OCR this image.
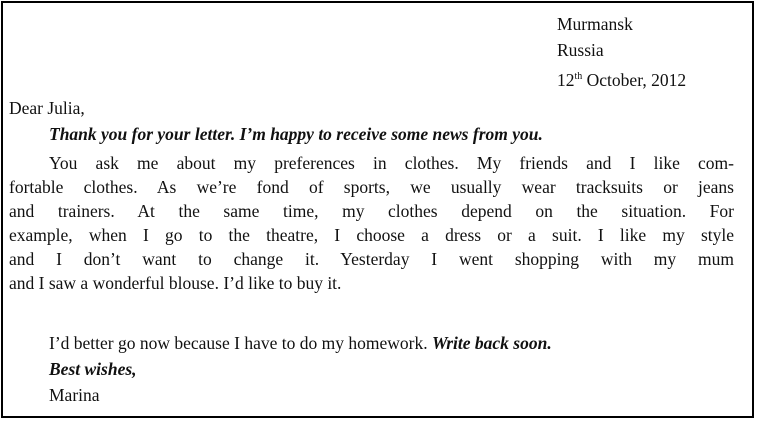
Murmansk
Russia
12th October, 2012
Dear Julia,
Thank you for your letter. I’m happy to receive some news from you.
You ask me about my preferences in clothes. My friends and I like com-
fortable clothes. As we’re fond of sports, we usually wear tracksuits or jeans
and trainers. At the same time, my clothes depend on the situation. For
example, when I go to the theatre, I choose a dress or a suit. I like my style
and I don’t want to change it. Yesterday I went shopping with my mum
and I saw a wonderful blouse. I’d like to buy it.
I’d better go now because I have to do my homework. Write back soon.
Best wishes,
Marina
